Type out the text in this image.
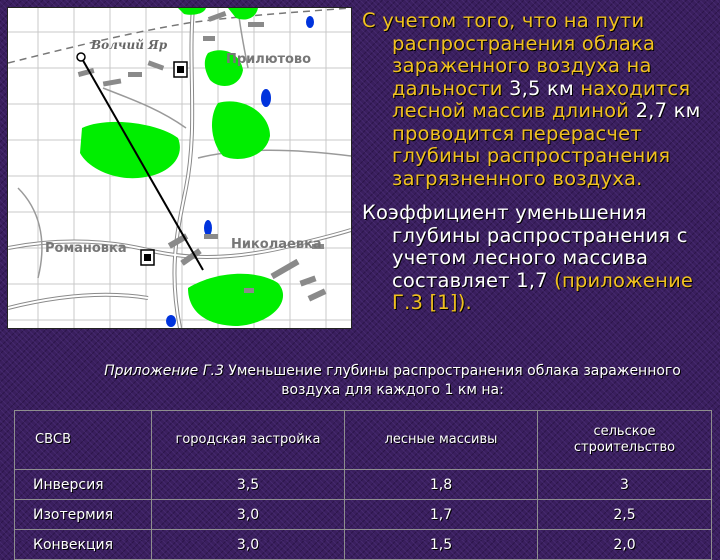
Волчий Яр
Прилютово
Романовка	Николаевка

С учетом того, что на пути распространения облака зараженного воздуха на дальности 3,5 км находится лесной массив длиной 2,7 км проводится перерасчет глубины распространения загрязненного воздуха.

Коэффициент уменьшения глубины распространения с учетом лесного массива составляет 1,7 (приложение Г.3 [1]).

Приложение Г.3 Уменьшение глубины распространения облака зараженного воздуха для каждого 1 км на:
СВСВ	городская застройка	лесные массивы	сельское строительство
Инверсия	3,5	1,8	3
Изотермия	3,0	1,7	2,5
Конвекция	3,0	1,5	2,0
